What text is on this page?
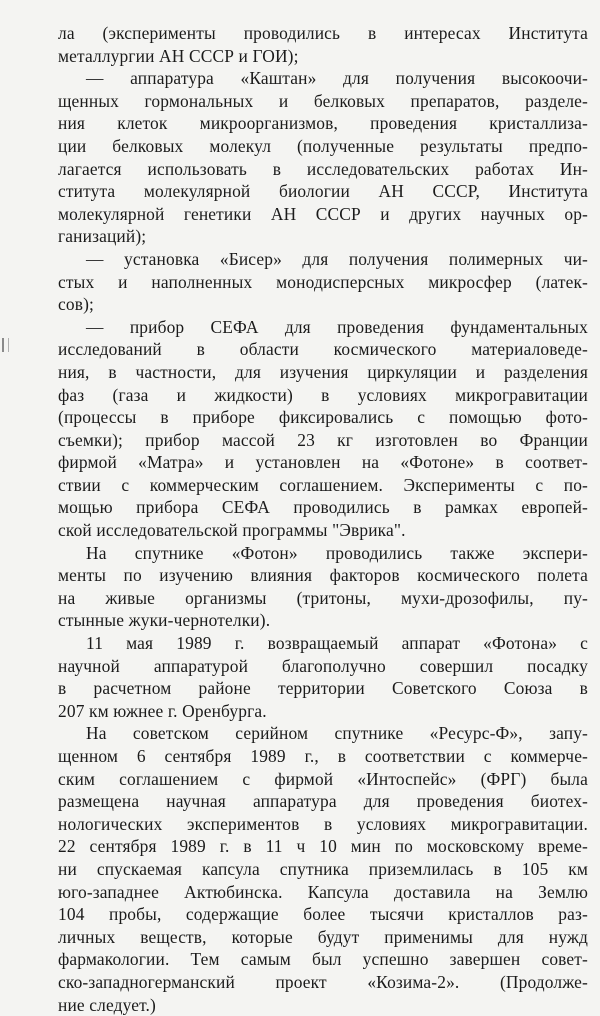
ла (эксперименты проводились в интересах Института
металлургии АН СССР и ГОИ);
— аппаратура «Каштан» для получения высокоочи-
щенных гормональных и белковых препаратов, разделе-
ния клеток микроорганизмов, проведения кристаллиза-
ции белковых молекул (полученные результаты предпо-
лагается использовать в исследовательских работах Ин-
ститута молекулярной биологии АН СССР, Института
молекулярной генетики АН СССР и других научных ор-
ганизаций);
— установка «Бисер» для получения полимерных чи-
стых и наполненных монодисперсных микросфер (латек-
сов);
— прибор СЕФА для проведения фундаментальных
исследований в области космического материаловеде-
ния, в частности, для изучения циркуляции и разделения
фаз (газа и жидкости) в условиях микрогравитации
(процессы в приборе фиксировались с помощью фото-
съемки); прибор массой 23 кг изготовлен во Франции
фирмой «Матра» и установлен на «Фотоне» в соответ-
ствии с коммерческим соглашением. Эксперименты с по-
мощью прибора СЕФА проводились в рамках европей-
ской исследовательской программы "Эврика".
На спутнике «Фотон» проводились также экспери-
менты по изучению влияния факторов космического полета
на живые организмы (тритоны, мухи-дрозофилы, пу-
стынные жуки-чернотелки).
11 мая 1989 г. возвращаемый аппарат «Фотона» с
научной аппаратурой благополучно совершил посадку
в расчетном районе территории Советского Союза в
207 км южнее г. Оренбурга.
На советском серийном спутнике «Ресурс-Ф», запу-
щенном 6 сентября 1989 г., в соответствии с коммерче-
ским соглашением с фирмой «Интоспейс» (ФРГ) была
размещена научная аппаратура для проведения биотех-
нологических экспериментов в условиях микрогравитации.
22 сентября 1989 г. в 11 ч 10 мин по московскому време-
ни спускаемая капсула спутника приземлилась в 105 км
юго-западнее Актюбинска. Капсула доставила на Землю
104 пробы, содержащие более тысячи кристаллов раз-
личных веществ, которые будут применимы для нужд
фармакологии. Тем самым был успешно завершен совет-
ско-западногерманский проект «Козима-2». (Продолже-
ние следует.)
